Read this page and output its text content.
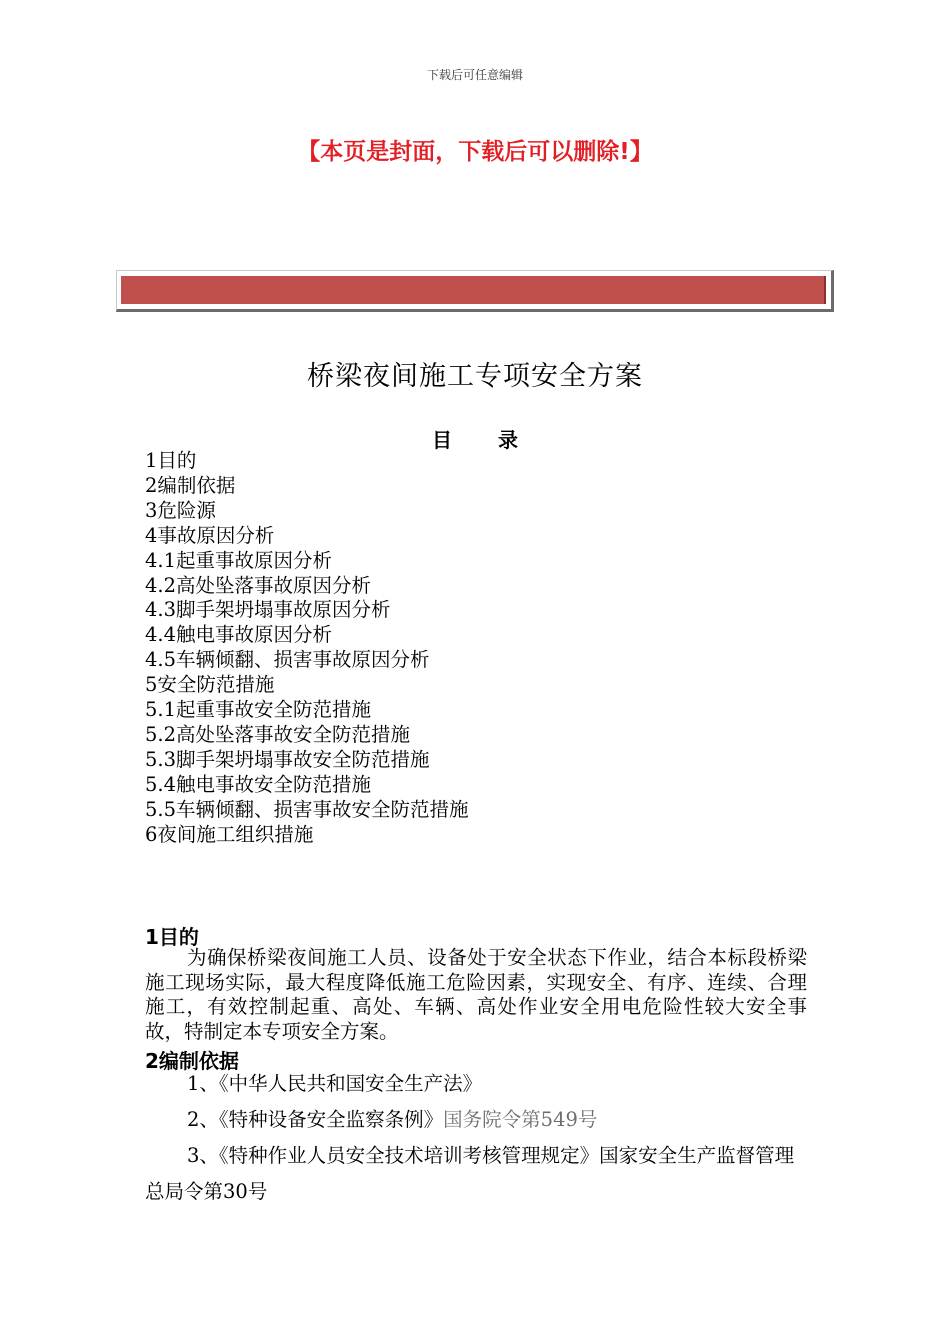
下载后可任意编辑
【本页是封面，下载后可以删除!】
桥梁夜间施工专项安全方案
目 录
1目的
2编制依据
3危险源
4事故原因分析
4.1起重事故原因分析
4.2高处坠落事故原因分析
4.3脚手架坍塌事故原因分析
4.4触电事故原因分析
4.5车辆倾翻、损害事故原因分析
5安全防范措施
5.1起重事故安全防范措施
5.2高处坠落事故安全防范措施
5.3脚手架坍塌事故安全防范措施
5.4触电事故安全防范措施
5.5车辆倾翻、损害事故安全防范措施
6夜间施工组织措施
1目的
为确保桥梁夜间施工人员、设备处于安全状态下作业，结合本标段桥梁施工现场实际，最大程度降低施工危险因素，实现安全、有序、连续、合理施工，有效控制起重、高处、车辆、高处作业安全用电危险性较大安全事故，特制定本专项安全方案。
2编制依据
1、《中华人民共和国安全生产法》
2、《特种设备安全监察条例》国务院令第549号
3、《特种作业人员安全技术培训考核管理规定》国家安全生产监督管理总局令第30号
